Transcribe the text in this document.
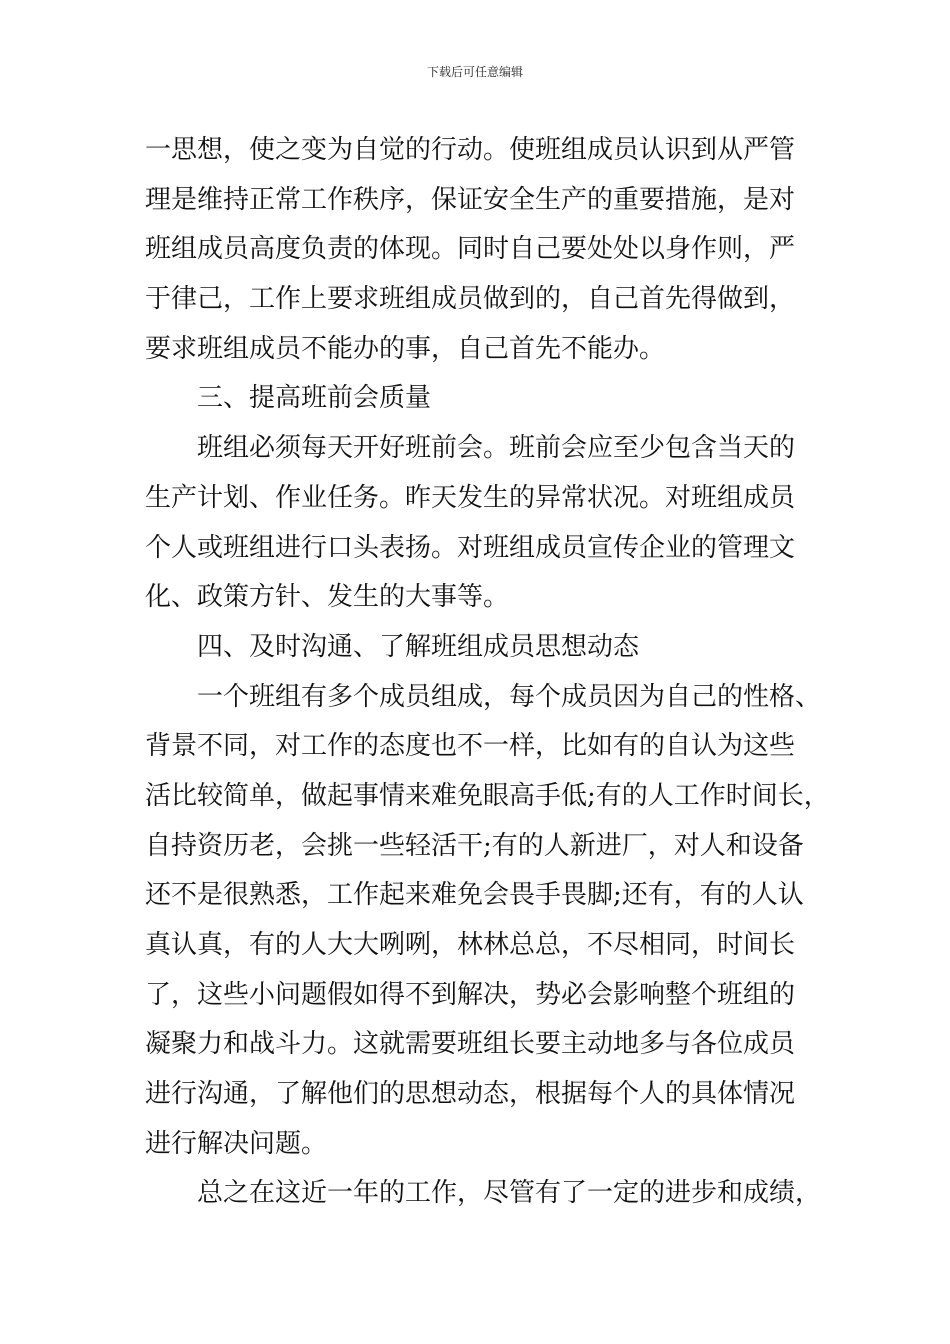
下载后可任意编辑
一思想，使之变为自觉的行动。使班组成员认识到从严管
理是维持正常工作秩序，保证安全生产的重要措施，是对
班组成员高度负责的体现。同时自己要处处以身作则，严
于律己，工作上要求班组成员做到的，自己首先得做到，
要求班组成员不能办的事，自己首先不能办。
三、提高班前会质量
班组必须每天开好班前会。班前会应至少包含当天的
生产计划、作业任务。昨天发生的异常状况。对班组成员
个人或班组进行口头表扬。对班组成员宣传企业的管理文
化、政策方针、发生的大事等。
四、及时沟通、了解班组成员思想动态
一个班组有多个成员组成，每个成员因为自己的性格、
背景不同，对工作的态度也不一样，比如有的自认为这些
活比较简单，做起事情来难免眼高手低;有的人工作时间长，
自持资历老，会挑一些轻活干;有的人新进厂，对人和设备
还不是很熟悉，工作起来难免会畏手畏脚;还有，有的人认
真认真，有的人大大咧咧，林林总总，不尽相同，时间长
了，这些小问题假如得不到解决，势必会影响整个班组的
凝聚力和战斗力。这就需要班组长要主动地多与各位成员
进行沟通，了解他们的思想动态，根据每个人的具体情况
进行解决问题。
总之在这近一年的工作，尽管有了一定的进步和成绩，
